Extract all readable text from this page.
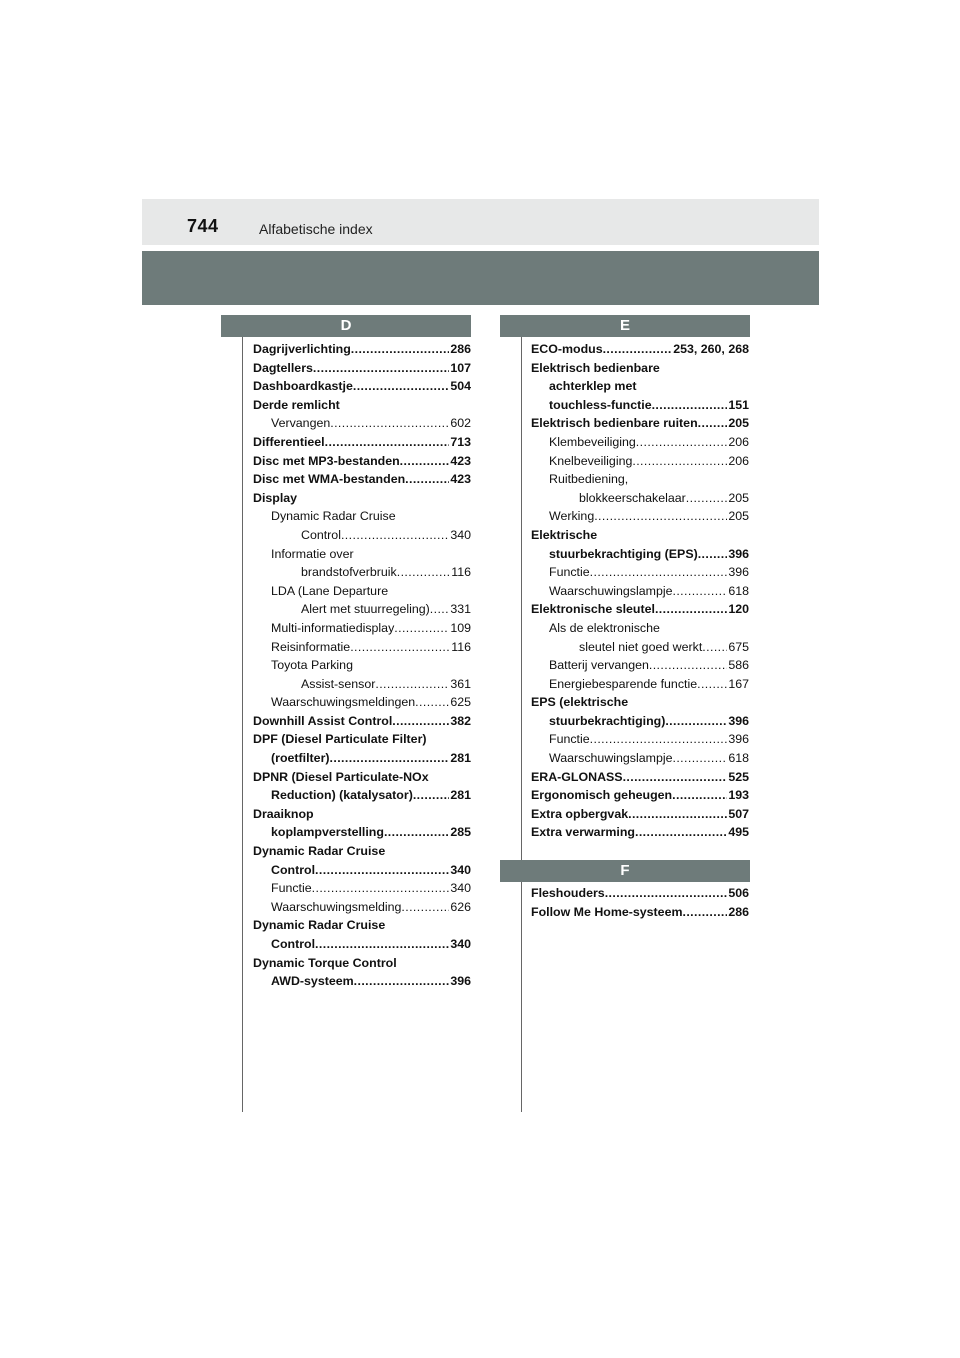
744	Alfabetische index
D	E
F
Dagrijverlichting .....	286
Dagtellers .....	107
Dashboardkastje .....	504
Derde remlicht
Vervangen .....	602
Differentieel .....	713
Disc met MP3-bestanden .....	423
Disc met WMA-bestanden .....	423
Display
Dynamic Radar Cruise
Control .....	340
Informatie over
brandstofverbruik .....	116
LDA (Lane Departure
Alert met stuurregeling) ..... 331
Multi-informatiedisplay .....	109
Reisinformatie .....	116
Toyota Parking
Assist-sensor .....	361
Waarschuwingsmeldingen .....	625
Downhill Assist Control .....	382
DPF (Diesel Particulate Filter)
(roetfilter) .....	281
DPNR (Diesel Particulate-NOx
Reduction) (katalysator) .....	281
Draaiknop
koplampverstelling .....	285
Dynamic Radar Cruise
Control .....	340
Functie .....	340
Waarschuwingsmelding .....	626
Dynamic Radar Cruise
Control .....	340
Dynamic Torque Control
AWD-systeem .....	396
ECO-modus .....	253, 260, 268
Elektrisch bedienbare
achterklep met
touchless-functie .....	151
Elektrisch bedienbare ruiten ..... 205
Klembeveiliging .....	206
Knelbeveiliging .....	206
Ruitbediening,
blokkeerschakelaar .....	205
Werking .....	205
Elektrische
stuurbekrachtiging (EPS) ..... 396
Functie .....	396
Waarschuwingslampje .....	618
Elektronische sleutel .....	120
Als de elektronische
sleutel niet goed werkt ..... 675
Batterij vervangen .....	586
Energiebesparende functie .....	167
EPS (elektrische
stuurbekrachtiging) .....	396
Functie .....	396
Waarschuwingslampje .....	618
ERA-GLONASS .....	525
Ergonomisch geheugen .....	193
Extra opbergvak .....	507
Extra verwarming .....	495
Fleshouders .....	506
Follow Me Home-systeem .....	286
